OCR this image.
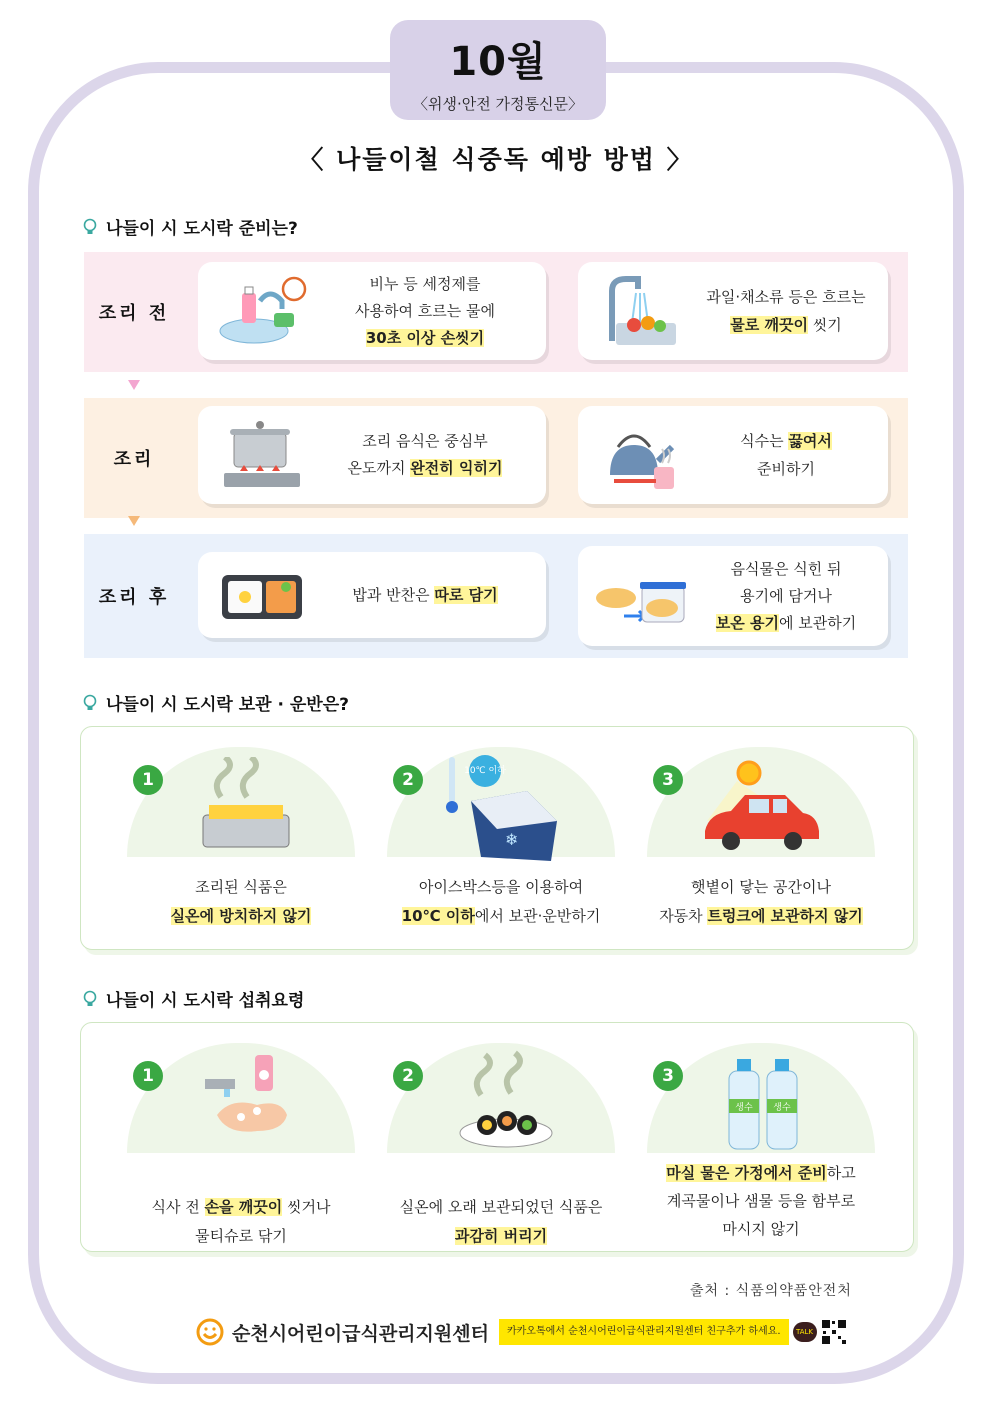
10월
〈위생·안전 가정통신문〉
〈 나들이철 식중독 예방 방법 〉
나들이 시 도시락 준비는?
조리 전
비누 등 세정제를
사용하여 흐르는 물에
30초 이상 손씻기
과일·채소류 등은 흐르는
물로 깨끗이 씻기
조리
조리 음식은 중심부
온도까지 완전히 익히기
식수는 끓여서
준비하기
조리 후	밥과 반찬은 따로 담기
음식물은 식힌 뒤
용기에 담거나
보온 용기에 보관하기
나들이 시 도시락 보관 · 운반은?
1
조리된 식품은
실온에 방치하지 않기
2	10℃ 이하
❄
아이스박스등을 이용하여
10℃ 이하에서 보관·운반하기
3
햇볕이 닿는 공간이나
자동차 트렁크에 보관하지 않기
나들이 시 도시락 섭취요령
1
식사 전 손을 깨끗이 씻거나
물티슈로 닦기
2
실온에 오래 보관되었던 식품은
과감히 버리기
3
생수 생수
마실 물은 가정에서 준비하고
계곡물이나 샘물 등을 함부로
마시지 않기
출처 : 식품의약품안전처
순천시어린이급식관리지원센터	카카오톡에서 순천시어린이급식관리지원센터 친구추가 하세요.	TALK
